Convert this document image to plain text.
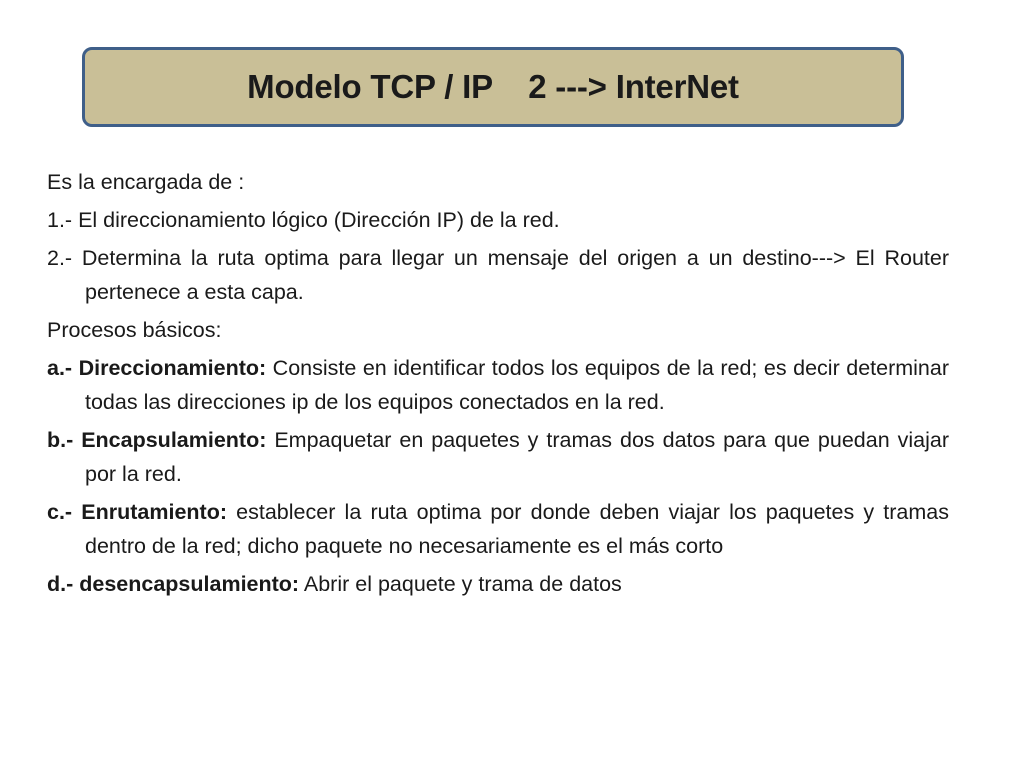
Modelo TCP / IP    2 ---> InterNet

Es la encargada de :

1.- El direccionamiento lógico (Dirección IP) de la red.

2.- Determina la ruta optima para llegar un mensaje del origen a un destino---> El Router pertenece a esta capa.

Procesos básicos:

a.- Direccionamiento: Consiste en identificar todos los equipos de la red; es decir determinar todas las direcciones ip de los equipos conectados en la red.

b.- Encapsulamiento: Empaquetar en paquetes y tramas dos datos para que puedan viajar por la red.

c.- Enrutamiento: establecer la ruta optima por donde deben viajar los paquetes y tramas dentro de la red; dicho paquete no necesariamente es el más corto

d.- desencapsulamiento: Abrir el paquete y trama de datos
